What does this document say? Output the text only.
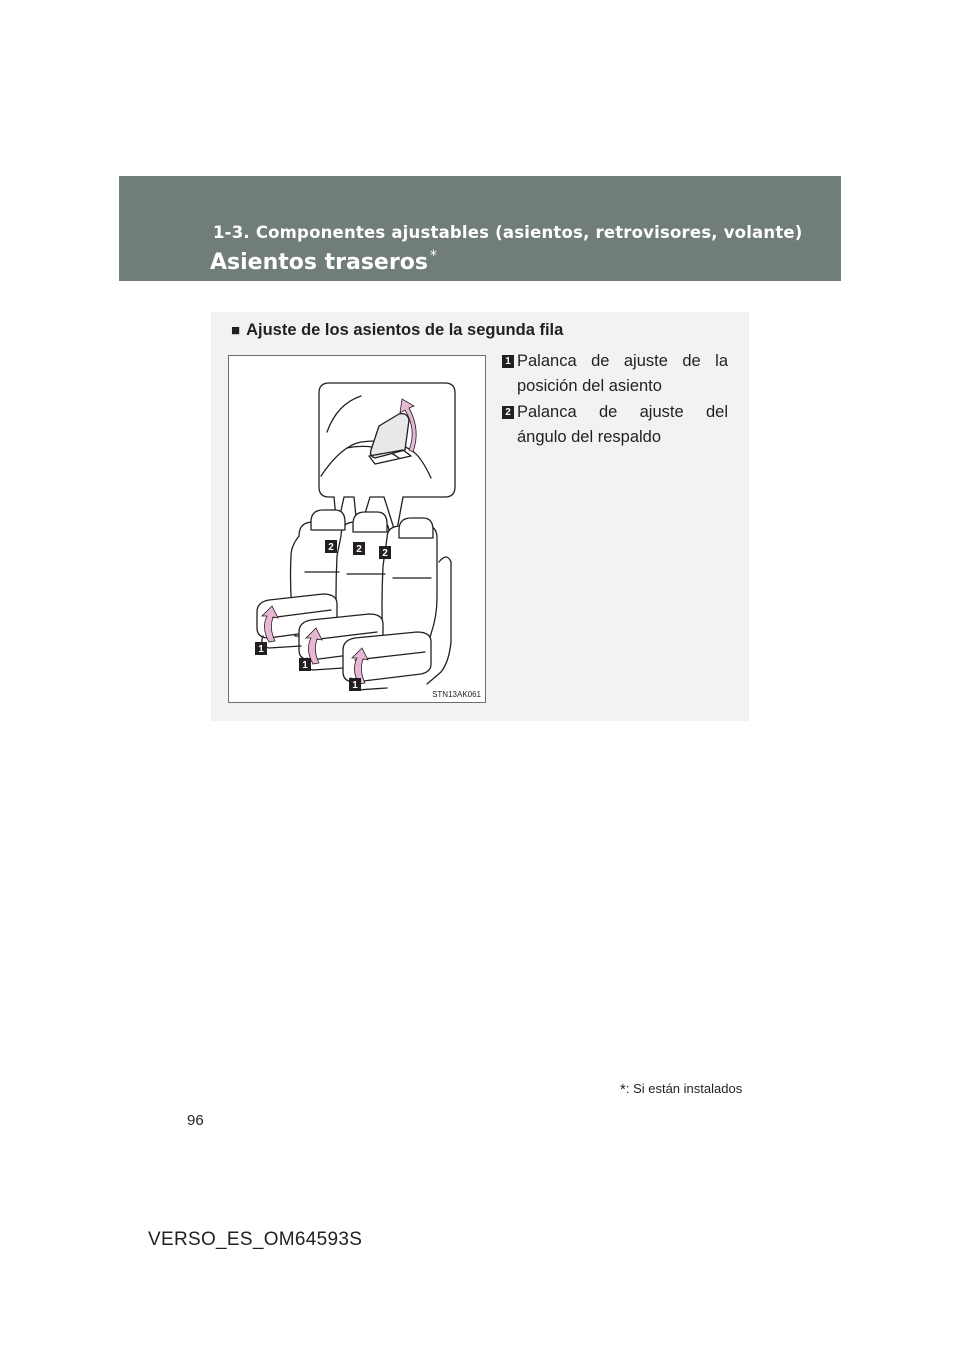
1-3. Componentes ajustables (asientos, retrovisores, volante)
Asientos traseros *
■ Ajuste de los asientos de la segunda fila
2 2 2
1
1
1
STN13AK061
1 Palanca de ajuste de la
posición del asiento
2 Palanca de ajuste del
ángulo del respaldo
*: Si están instalados
96
VERSO_ES_OM64593S
